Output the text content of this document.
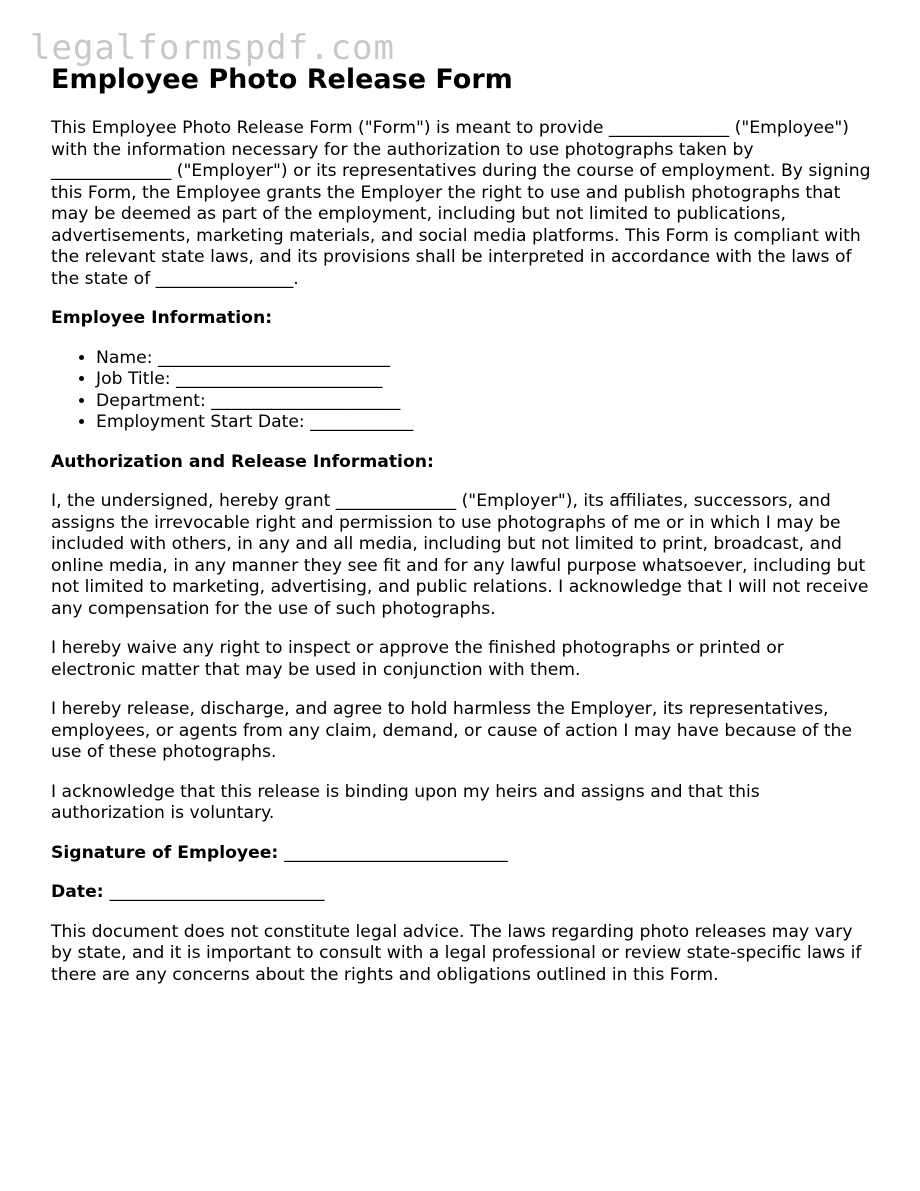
legalformspdf.com
Employee Photo Release Form

This Employee Photo Release Form ("Form") is meant to provide ______________ ("Employee") with the information necessary for the authorization to use photographs taken by ______________ ("Employer") or its representatives during the course of employment. By signing this Form, the Employee grants the Employer the right to use and publish photographs that may be deemed as part of the employment, including but not limited to publications, advertisements, marketing materials, and social media platforms. This Form is compliant with the relevant state laws, and its provisions shall be interpreted in accordance with the laws of the state of ________________.

Employee Information:

• Name: ___________________________
• Job Title: ________________________
• Department: ______________________
• Employment Start Date: ____________

Authorization and Release Information:

I, the undersigned, hereby grant ______________ ("Employer"), its affiliates, successors, and assigns the irrevocable right and permission to use photographs of me or in which I may be included with others, in any and all media, including but not limited to print, broadcast, and online media, in any manner they see fit and for any lawful purpose whatsoever, including but not limited to marketing, advertising, and public relations. I acknowledge that I will not receive any compensation for the use of such photographs.

I hereby waive any right to inspect or approve the finished photographs or printed or electronic matter that may be used in conjunction with them.

I hereby release, discharge, and agree to hold harmless the Employer, its representatives, employees, or agents from any claim, demand, or cause of action I may have because of the use of these photographs.

I acknowledge that this release is binding upon my heirs and assigns and that this authorization is voluntary.

Signature of Employee: __________________________

Date: _________________________

This document does not constitute legal advice. The laws regarding photo releases may vary by state, and it is important to consult with a legal professional or review state-specific laws if there are any concerns about the rights and obligations outlined in this Form.
